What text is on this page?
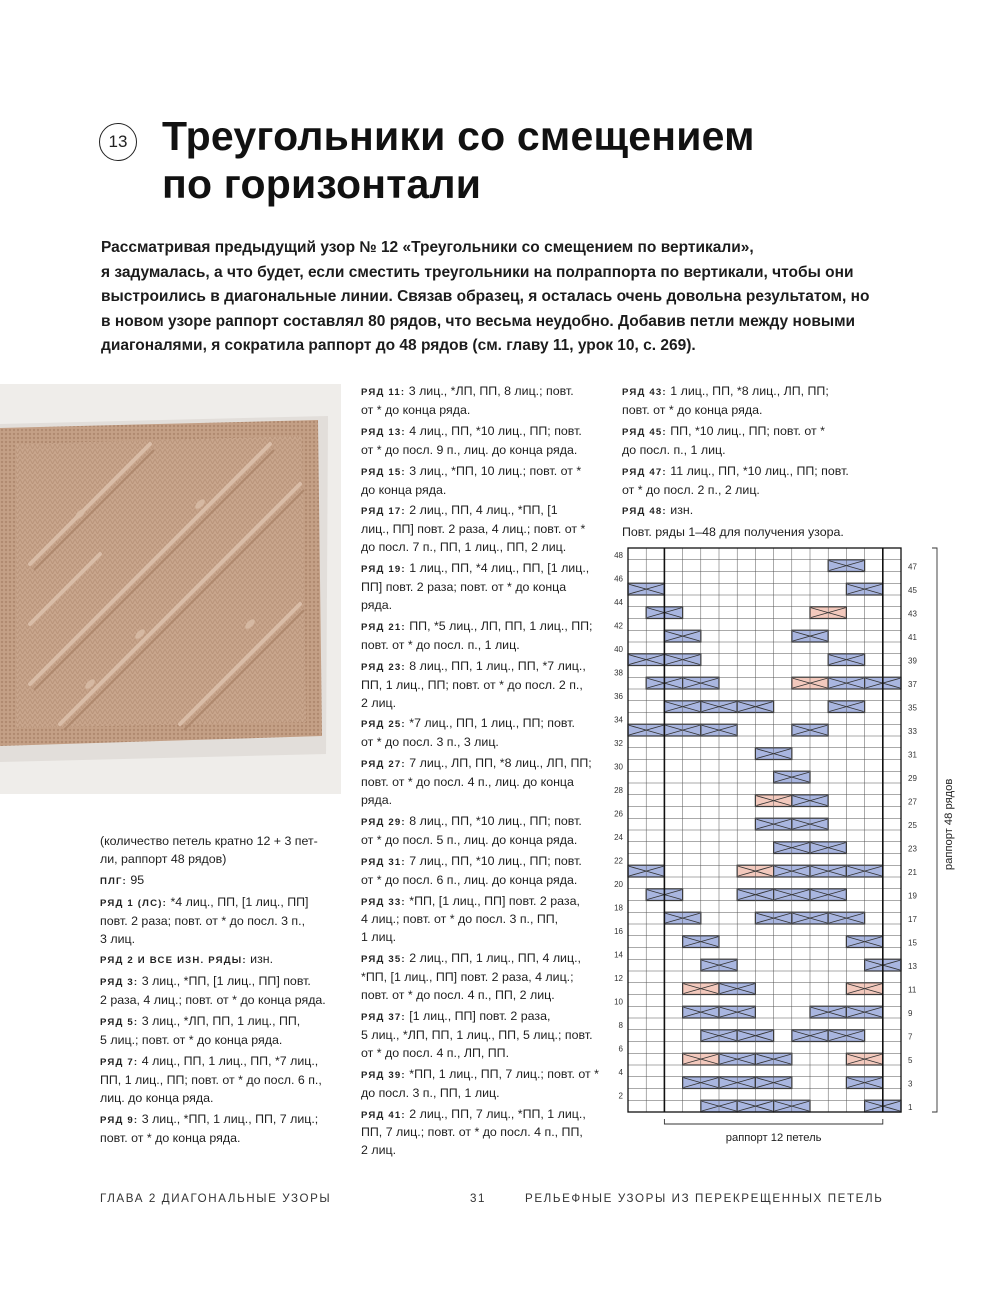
13 Треугольники со смещением
по горизонтали

Рассматривая предыдущий узор № 12 «Треугольники со смещением по вертикали»,
я задумалась, а что будет, если сместить треугольники на полраппорта по вертикали, чтобы они
выстроились в диагональные линии. Связав образец, я осталась очень довольна результатом, но
в новом узоре раппорт составлял 80 рядов, что весьма неудобно. Добавив петли между новыми
диагоналями, я сократила раппорт до 48 рядов (см. главу 11, урок 10, с. 269).

(количество петель кратно 12 + 3 пет-
ли, раппорт 48 рядов)
ПЛГ: 95
РЯД 1 (ЛС): *4 лиц., ПП, [1 лиц., ПП]
повт. 2 раза; повт. от * до посл. 3 п.,
3 лиц.
РЯД 2 И ВСЕ ИЗН. РЯДЫ: изн.
РЯД 3: 3 лиц., *ПП, [1 лиц., ПП] повт.
2 раза, 4 лиц.; повт. от * до конца ряда.
РЯД 5: 3 лиц., *ЛП, ПП, 1 лиц., ПП,
5 лиц.; повт. от * до конца ряда.
РЯД 7: 4 лиц., ПП, 1 лиц., ПП, *7 лиц.,
ПП, 1 лиц., ПП; повт. от * до посл. 6 п.,
лиц. до конца ряда.
РЯД 9: 3 лиц., *ПП, 1 лиц., ПП, 7 лиц.;
повт. от * до конца ряда.
РЯД 11: 3 лиц., *ЛП, ПП, 8 лиц.; повт.
от * до конца ряда.
РЯД 13: 4 лиц., ПП, *10 лиц., ПП; повт.
от * до посл. 9 п., лиц. до конца ряда.
РЯД 15: 3 лиц., *ПП, 10 лиц.; повт. от *
до конца ряда.
РЯД 17: 2 лиц., ПП, 4 лиц., *ПП, [1
лиц., ПП] повт. 2 раза, 4 лиц.; повт. от *
до посл. 7 п., ПП, 1 лиц., ПП, 2 лиц.
РЯД 19: 1 лиц., ПП, *4 лиц., ПП, [1 лиц.,
ПП] повт. 2 раза; повт. от * до конца
ряда.
РЯД 21: ПП, *5 лиц., ЛП, ПП, 1 лиц., ПП;
повт. от * до посл. п., 1 лиц.
РЯД 23: 8 лиц., ПП, 1 лиц., ПП, *7 лиц.,
ПП, 1 лиц., ПП; повт. от * до посл. 2 п.,
2 лиц.
РЯД 25: *7 лиц., ПП, 1 лиц., ПП; повт.
от * до посл. 3 п., 3 лиц.
РЯД 27: 7 лиц., ЛП, ПП, *8 лиц., ЛП, ПП;
повт. от * до посл. 4 п., лиц. до конца
ряда.
РЯД 29: 8 лиц., ПП, *10 лиц., ПП; повт.
от * до посл. 5 п., лиц. до конца ряда.
РЯД 31: 7 лиц., ПП, *10 лиц., ПП; повт.
от * до посл. 6 п., лиц. до конца ряда.
РЯД 33: *ПП, [1 лиц., ПП] повт. 2 раза,
4 лиц.; повт. от * до посл. 3 п., ПП,
1 лиц.
РЯД 35: 2 лиц., ПП, 1 лиц., ПП, 4 лиц.,
*ПП, [1 лиц., ПП] повт. 2 раза, 4 лиц.;
повт. от * до посл. 4 п., ПП, 2 лиц.
РЯД 37: [1 лиц., ПП] повт. 2 раза,
5 лиц., *ЛП, ПП, 1 лиц., ПП, 5 лиц.; повт.
от * до посл. 4 п., ЛП, ПП.
РЯД 39: *ПП, 1 лиц., ПП, 7 лиц.; повт. от *
до посл. 3 п., ПП, 1 лиц.
РЯД 41: 2 лиц., ПП, 7 лиц., *ПП, 1 лиц.,
ПП, 7 лиц.; повт. от * до посл. 4 п., ПП,
2 лиц.
РЯД 43: 1 лиц., ПП, *8 лиц., ЛП, ПП;
повт. от * до конца ряда.
РЯД 45: ПП, *10 лиц., ПП; повт. от *
до посл. п., 1 лиц.
РЯД 47: 11 лиц., ПП, *10 лиц., ПП; повт.
от * до посл. 2 п., 2 лиц.
РЯД 48: изн.
Повт. ряды 1–48 для получения узора.
2
4
6
8
10
12
14
16
18
20
22
24
26
28
30
32
34
36
38
40
42
44
46
48
1
3
5
7
9
11
13
15
17
19
21
23
25
27
29
31
33
35
37
39
41
43
45
47
раппорт 12 петель
раппорт 48 рядов
ГЛАВА 2 ДИАГОНАЛЬНЫЕ УЗОРЫ	31	РЕЛЬЕФНЫЕ УЗОРЫ ИЗ ПЕРЕКРЕЩЕННЫХ ПЕТЕЛЬ
